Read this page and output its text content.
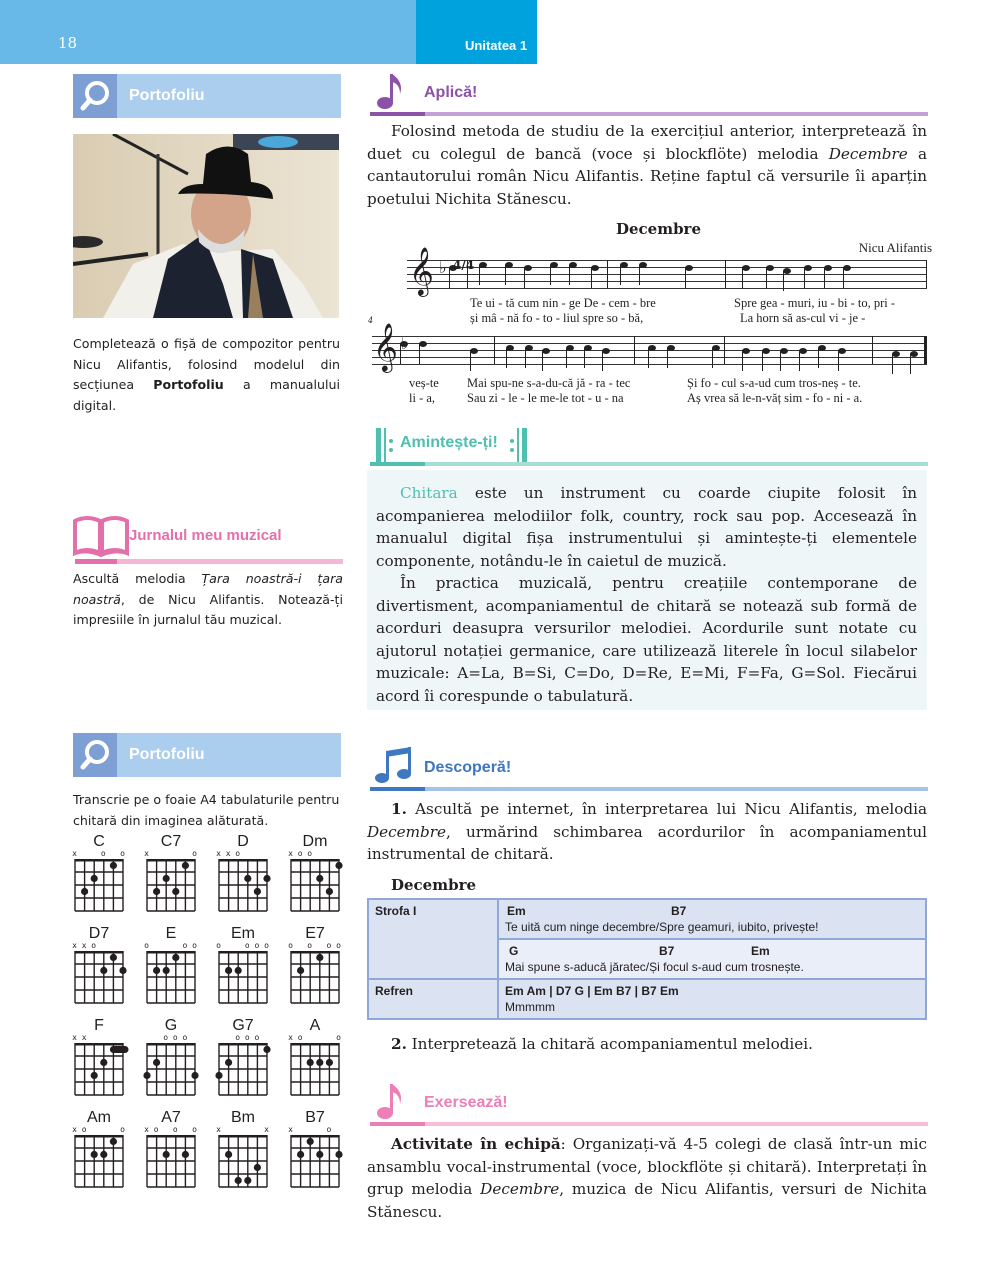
18	Unitatea 1
Portofoliu

Completează o fișă de compozitor pentru Nicu Alifantis, folosind modelul din secțiunea Portofoliu a manualului digital.

Jurnalul meu muzical

Ascultă melodia Țara noastră-i țara noastră, de Nicu Alifantis. Notează-ți impresiile în jurnalul tău muzical.

Portofoliu

Transcrie pe o foaie A4 tabulaturile pentru chitară din imaginea alăturată.

C
x  o o
C7
x    o
D
xxo
Dm
xoo
D7
xxo
E
o   oo
Em
o  ooo
E7
o o oo
F
xx
G
ooo
G7
ooo
A
xo   o
Am
xo   o
A7
xo o o
Bm
x    x
B7
x   o
Aplică!

Folosind metoda de studiu de la exercițiul anterior, interpretează în duet cu colegul de bancă (voce și blockflöte) melodia Decembre a cantautorului român Nicu Alifantis. Reține faptul că versurile îi aparțin poetului Nichita Stănescu.

Decembre
Nicu Alifantis
𝄞 ♭ 4/4
Te ui - tă cum nin - ge De - cem - bre	Spre gea - muri, iu - bi - to, pri -
și mâ - nă fo - to - liul spre so - bă,	La horn să as-cul vi - je -
4
𝄞 ♭
veș-te Mai spu-ne s-a-du-că jă - ra - tec	Și fo - cul s-a-ud cum tros-neș - te.
li - a,	Sau zi - le - le me-le tot - u - na	Aș vrea să le-n-văț sim - fo - ni - a.
Amintește-ți!

Chitara este un instrument cu coarde ciupite folosit în acompanierea melodiilor folk, country, rock sau pop. Accesează în manualul digital fișa instrumentului și amintește-ți elementele componente, notându-le în caietul de muzică.

În practica muzicală, pentru creațiile contemporane de divertisment, acompaniamentul de chitară se notează sub formă de acorduri deasupra versurilor melodiei. Acordurile sunt notate cu ajutorul notației germanice, care utilizează literele în locul silabelor muzicale: A=La, B=Si, C=Do, D=Re, E=Mi, F=Fa, G=Sol. Fiecărui acord îi corespunde o tabulatură.

Descoperă!

1. Ascultă pe internet, în interpretarea lui Nicu Alifantis, melodia Decembre, urmărind schimbarea acordurilor în acompaniamentul instrumental de chitară.

Decembre
Strofa I	Em B7
Te uită cum ninge decembre/Spre geamuri, iubito, privește!

	G B7 Em
Mai spune s-aducă jăratec/Și focul s-aud cum trosnește.

Refren	Em Am | D7 G | Em B7 | B7 Em
Mmmmm

2. Interpretează la chitară acompaniamentul melodiei.

Exersează!

Activitate în echipă: Organizați-vă 4-5 colegi de clasă într-un mic ansamblu vocal-instrumental (voce, blockflöte și chitară). Interpretați în grup melodia Decembre, muzica de Nicu Alifantis, versuri de Nichita Stănescu.
